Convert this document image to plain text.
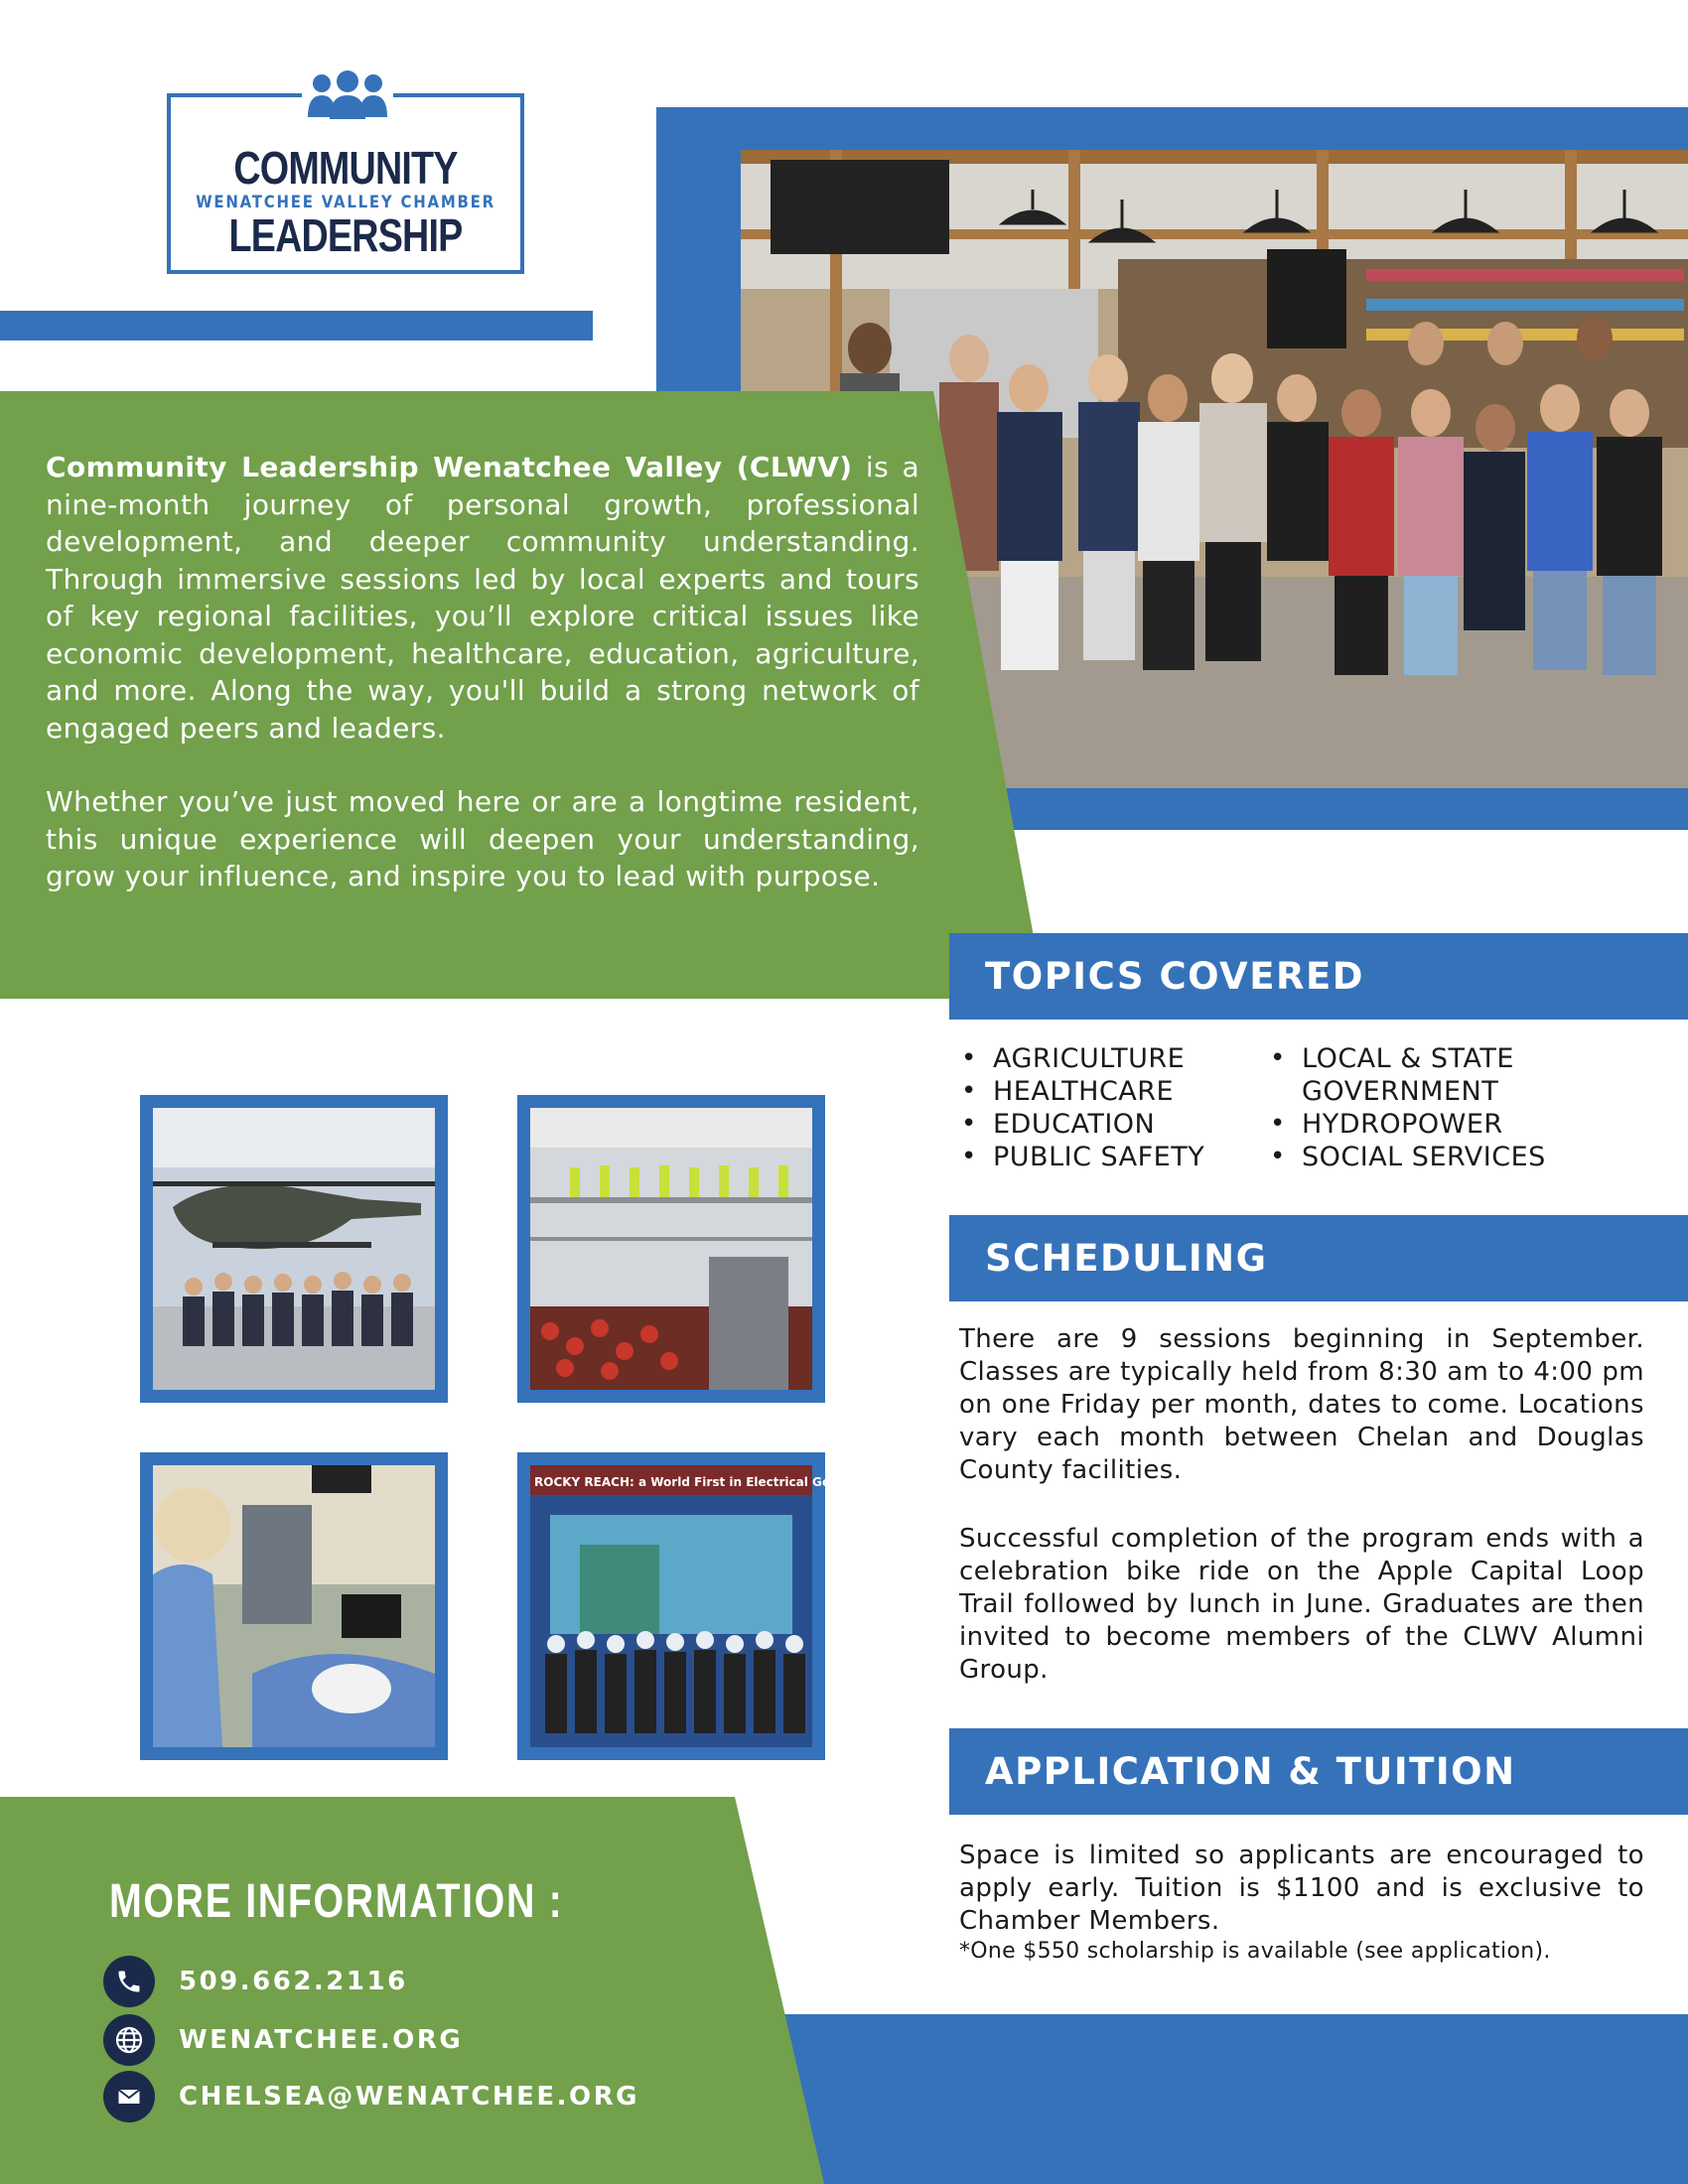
COMMUNITY
WENATCHEE VALLEY CHAMBER
LEADERSHIP

Community Leadership Wenatchee Valley (CLWV) is a nine-month journey of personal growth, professional development, and deeper community understanding. Through immersive sessions led by local experts and tours of key regional facilities, you’ll explore critical issues like economic development, healthcare, education, agriculture, and more. Along the way, you'll build a strong network of engaged peers and leaders.

Whether you’ve just moved here or are a longtime resident, this unique experience will deepen your understanding, grow your influence, and inspire you to lead with purpose.

TOPICS COVERED
• AGRICULTURE
• HEALTHCARE
• EDUCATION
• PUBLIC SAFETY
• LOCAL & STATE GOVERNMENT
• HYDROPOWER
• SOCIAL SERVICES
SCHEDULING
There are 9 sessions beginning in September. Classes are typically held from 8:30 am to 4:00 pm on one Friday per month, dates to come. Locations vary each month between Chelan and Douglas County facilities.
Successful completion of the program ends with a celebration bike ride on the Apple Capital Loop Trail followed by lunch in June. Graduates are then invited to become members of the CLWV Alumni Group.
APPLICATION & TUITION
Space is limited so applicants are encouraged to apply early. Tuition is $1100 and is exclusive to Chamber Members.
*One $550 scholarship is available (see application).
ROCKY REACH: a World First in Electrical Generation
MORE INFORMATION :
509.662.2116
WENATCHEE.ORG
CHELSEA@WENATCHEE.ORG
